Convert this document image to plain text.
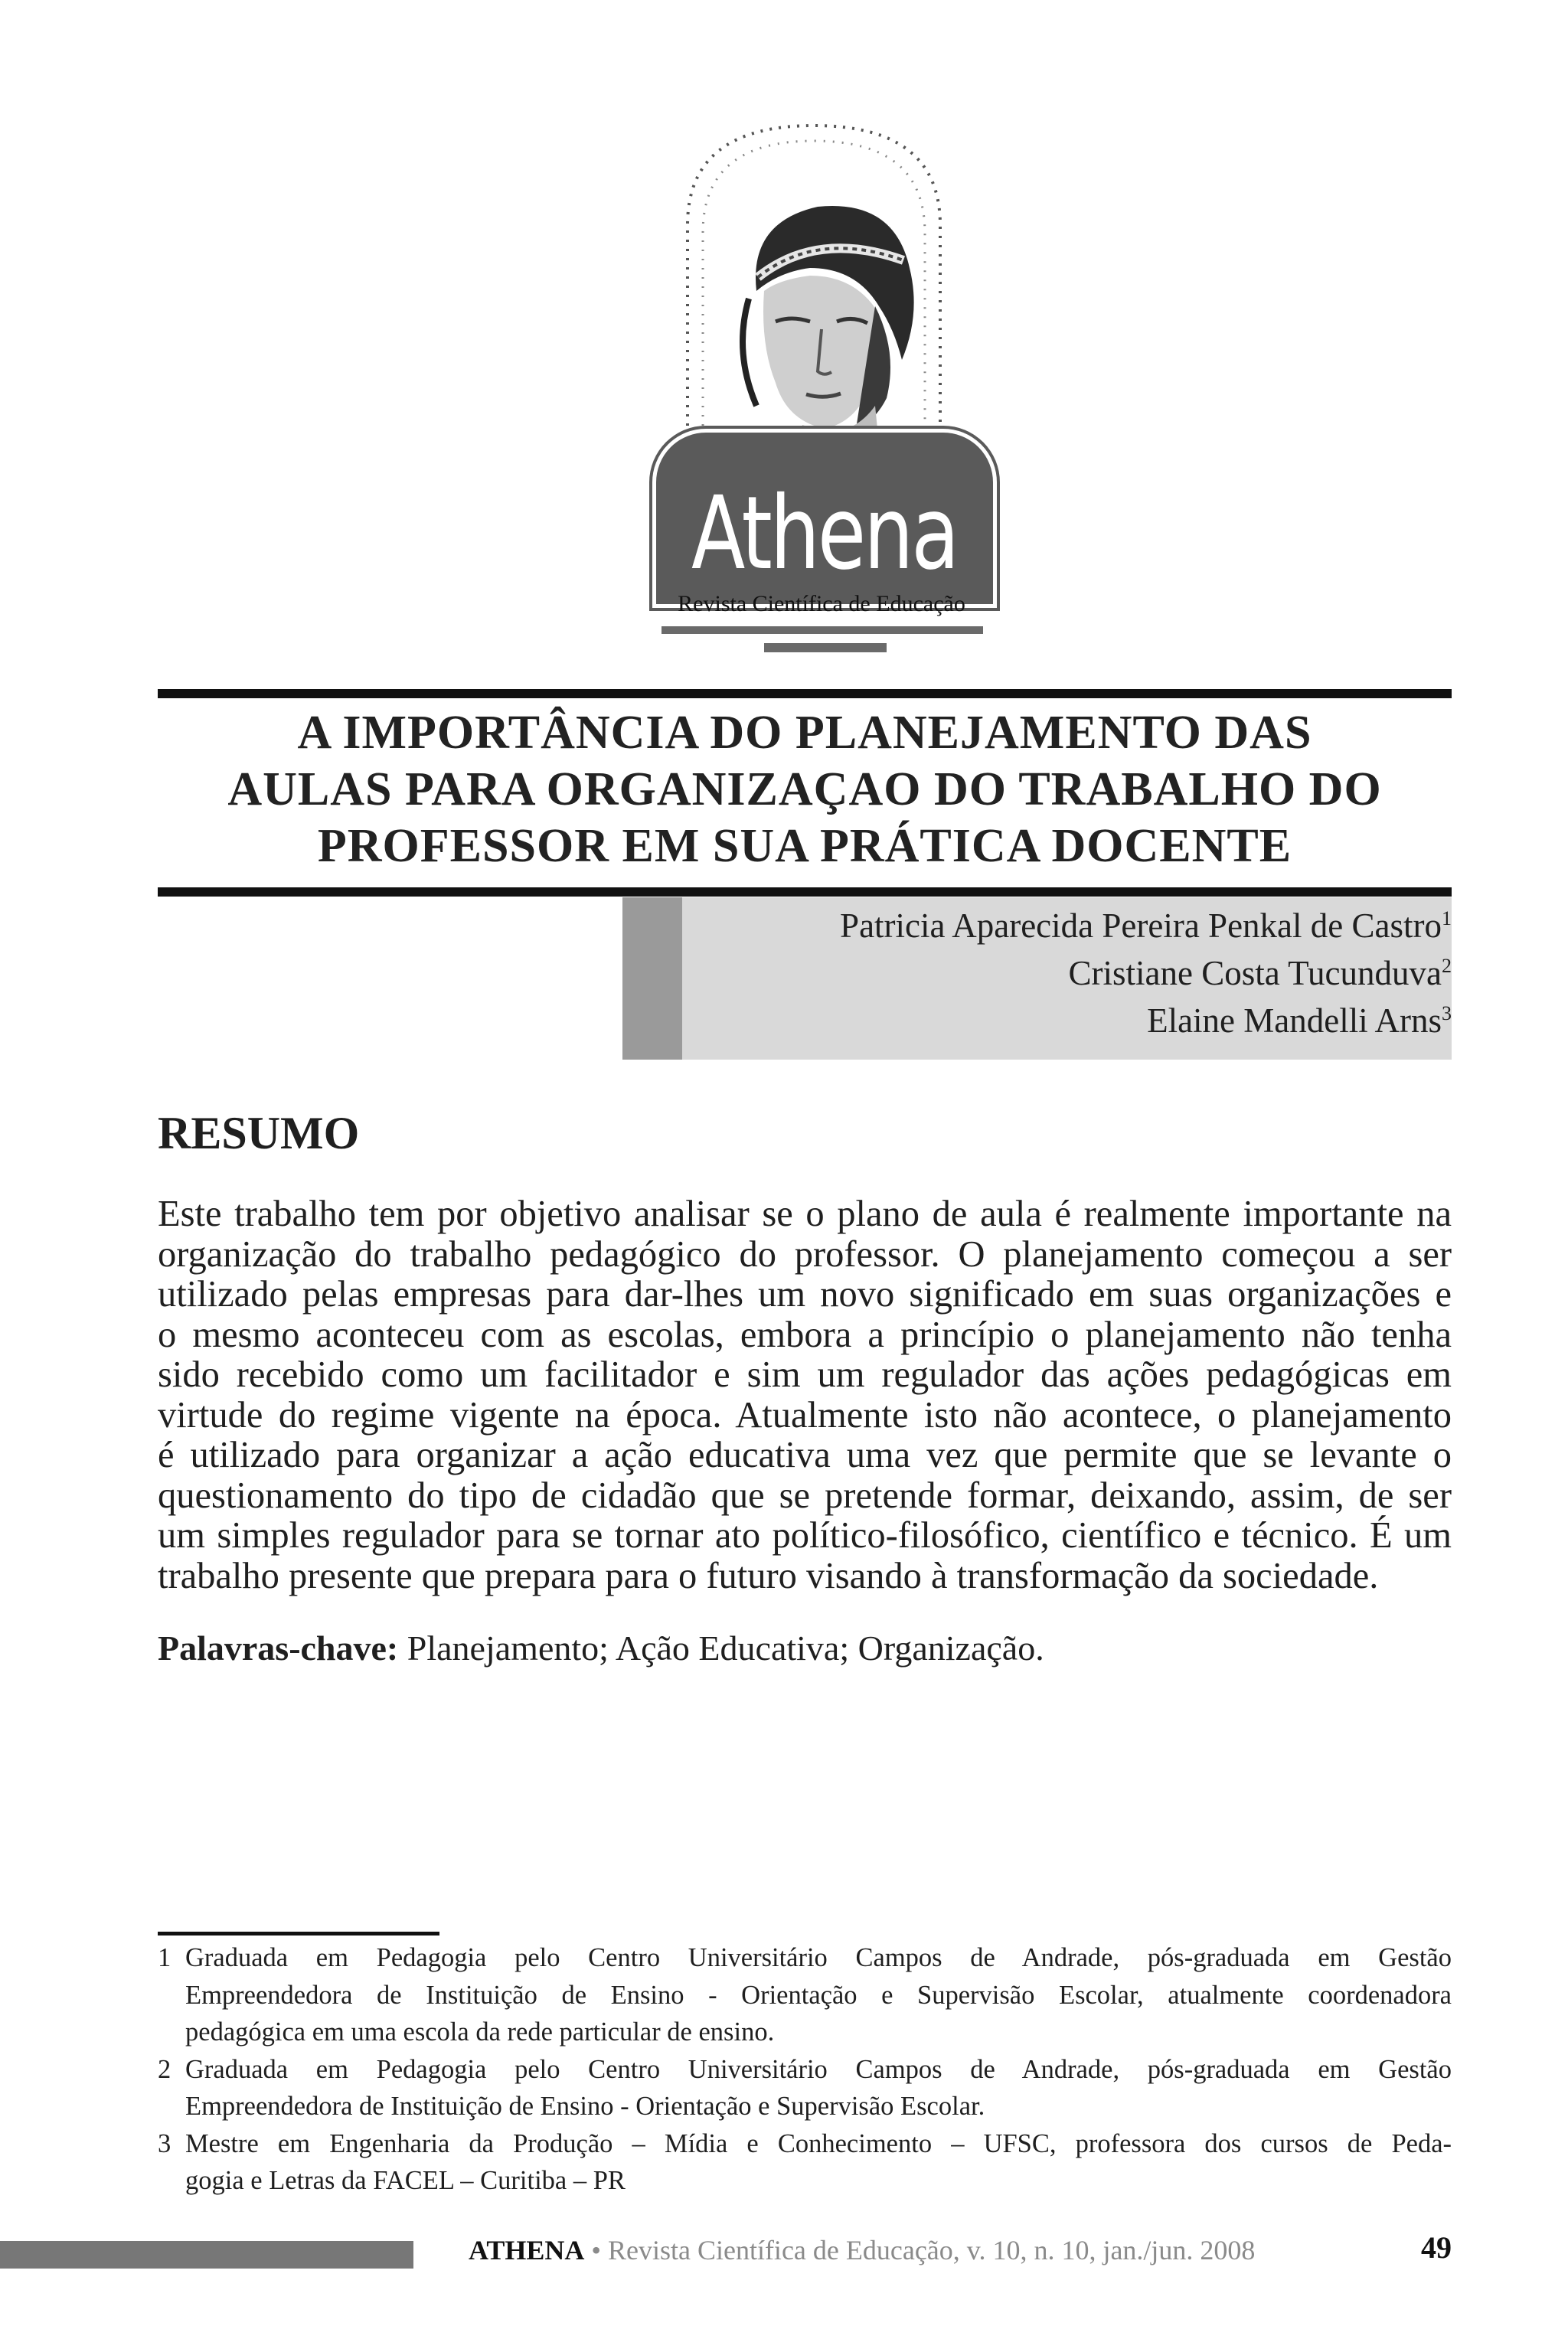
Athena
Revista Científica de Educação
A IMPORTÂNCIA DO PLANEJAMENTO DAS
AULAS PARA ORGANIZAÇAO DO TRABALHO DO
PROFESSOR EM SUA PRÁTICA DOCENTE
Patricia Aparecida Pereira Penkal de Castro$^1$
Cristiane Costa Tucunduva$^2$
Elaine Mandelli Arns$^3$
RESUMO
Este trabalho tem por objetivo analisar se o plano de aula é realmente importante na
organização do trabalho pedagógico do professor. O planejamento começou a ser
utilizado pelas empresas para dar-lhes um novo significado em suas organizações e
o mesmo aconteceu com as escolas, embora a princípio o planejamento não tenha
sido recebido como um facilitador e sim um regulador das ações pedagógicas em
virtude do regime vigente na época. Atualmente isto não acontece, o planejamento
é utilizado para organizar a ação educativa uma vez que permite que se levante o
questionamento do tipo de cidadão que se pretende formar, deixando, assim, de ser
um simples regulador para se tornar ato político-filosófico, científico e técnico. É um
trabalho presente que prepara para o futuro visando à transformação da sociedade.
Palavras-chave: Planejamento; Ação Educativa; Organização.
1 Graduada em Pedagogia pelo Centro Universitário Campos de Andrade, pós-graduada em Gestão
Empreendedora de Instituição de Ensino - Orientação e Supervisão Escolar, atualmente coordenadora
pedagógica em uma escola da rede particular de ensino.
2 Graduada em Pedagogia pelo Centro Universitário Campos de Andrade, pós-graduada em Gestão
Empreendedora de Instituição de Ensino - Orientação e Supervisão Escolar.
3 Mestre em Engenharia da Produção – Mídia e Conhecimento – UFSC, professora dos cursos de Peda-
gogia e Letras da FACEL – Curitiba – PR
ATHENA • Revista Científica de Educação, v. 10, n. 10, jan./jun. 2008	49
